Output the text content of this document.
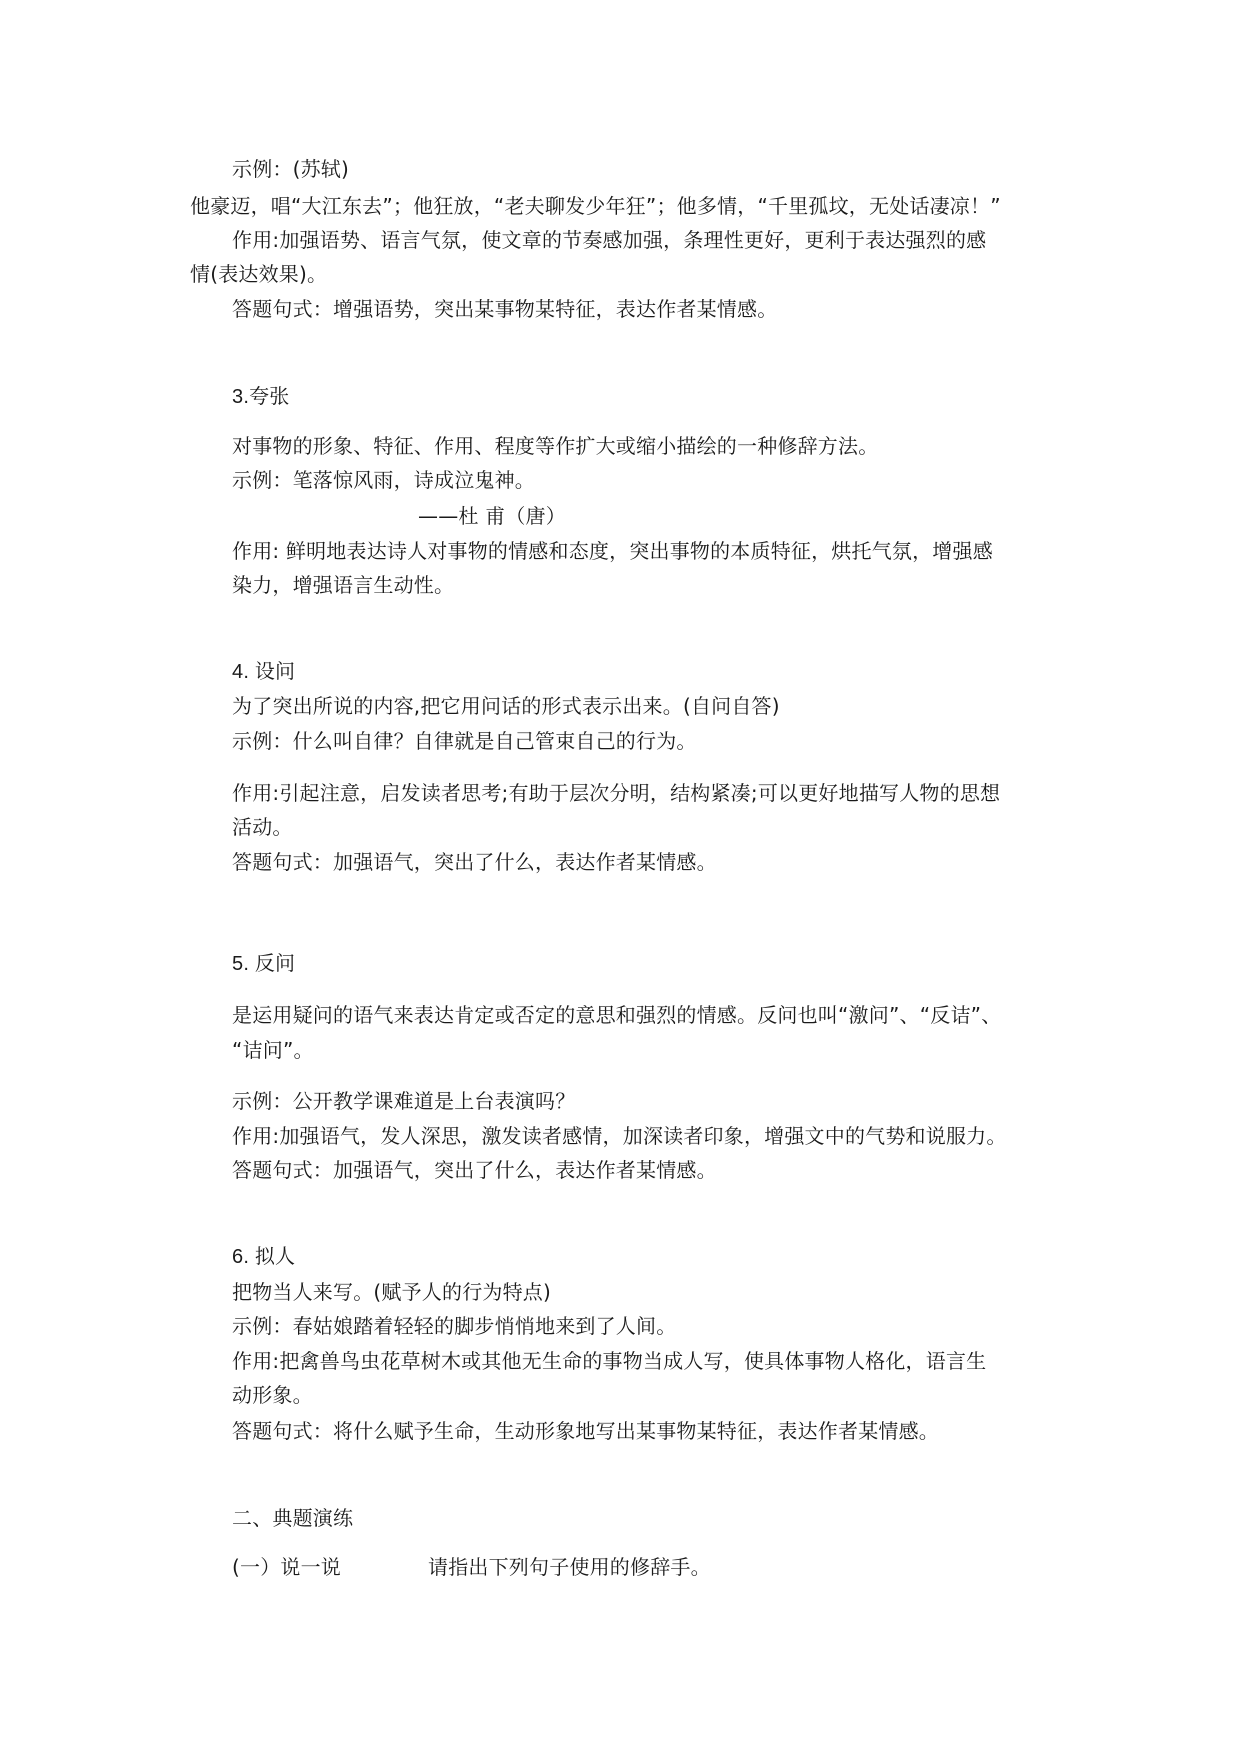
示例：(苏轼)
他豪迈，唱“大江东去”；他狂放，“老夫聊发少年狂”；他多情，“千里孤坟，无处话凄凉！”
作用:加强语势、语言气氛，使文章的节奏感加强，条理性更好，更利于表达强烈的感
情(表达效果)。
答题句式：增强语势，突出某事物某特征，表达作者某情感。
3.夸张
对事物的形象、特征、作用、程度等作扩大或缩小描绘的一种修辞方法。
示例：笔落惊风雨，诗成泣鬼神。
——杜 甫（唐）
作用: 鲜明地表达诗人对事物的情感和态度，突出事物的本质特征，烘托气氛，增强感
染力，增强语言生动性。
4. 设问
为了突出所说的内容,把它用问话的形式表示出来。(自问自答)
示例：什么叫自律？自律就是自己管束自己的行为。
作用:引起注意，启发读者思考;有助于层次分明，结构紧凑;可以更好地描写人物的思想
活动。
答题句式：加强语气，突出了什么，表达作者某情感。
5. 反问
是运用疑问的语气来表达肯定或否定的意思和强烈的情感。反问也叫“激问”、“反诘”、
“诘问”。
示例：公开教学课难道是上台表演吗？
作用:加强语气，发人深思，激发读者感情，加深读者印象，增强文中的气势和说服力。
答题句式：加强语气，突出了什么，表达作者某情感。
6. 拟人
把物当人来写。(赋予人的行为特点)
示例：春姑娘踏着轻轻的脚步悄悄地来到了人间。
作用:把禽兽鸟虫花草树木或其他无生命的事物当成人写，使具体事物人格化，语言生
动形象。
答题句式：将什么赋予生命，生动形象地写出某事物某特征，表达作者某情感。
二、典题演练
(一）说一说	请指出下列句子使用的修辞手。
